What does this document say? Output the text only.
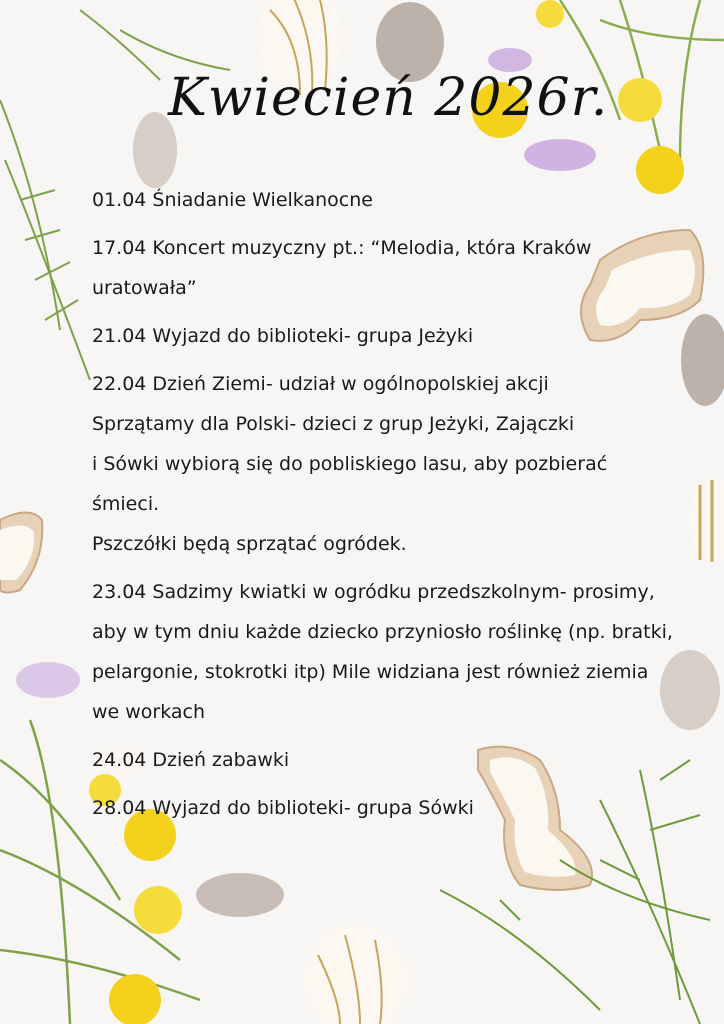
Kwiecień 2026r.
01.04 Śniadanie Wielkanocne
17.04 Koncert muzyczny pt.: “Melodia, która Kraków
uratowała”
21.04 Wyjazd do biblioteki- grupa Jeżyki
22.04 Dzień Ziemi- udział w ogólnopolskiej akcji
Sprzątamy dla Polski- dzieci z grup Jeżyki, Zajączki
i Sówki wybiorą się do pobliskiego lasu, aby pozbierać
śmieci.
Pszczółki będą sprzątać ogródek.
23.04 Sadzimy kwiatki w ogródku przedszkolnym- prosimy,
aby w tym dniu każde dziecko przyniosło roślinkę (np. bratki,
pelargonie, stokrotki itp) Mile widziana jest również ziemia
we workach
24.04 Dzień zabawki
28.04 Wyjazd do biblioteki- grupa Sówki
